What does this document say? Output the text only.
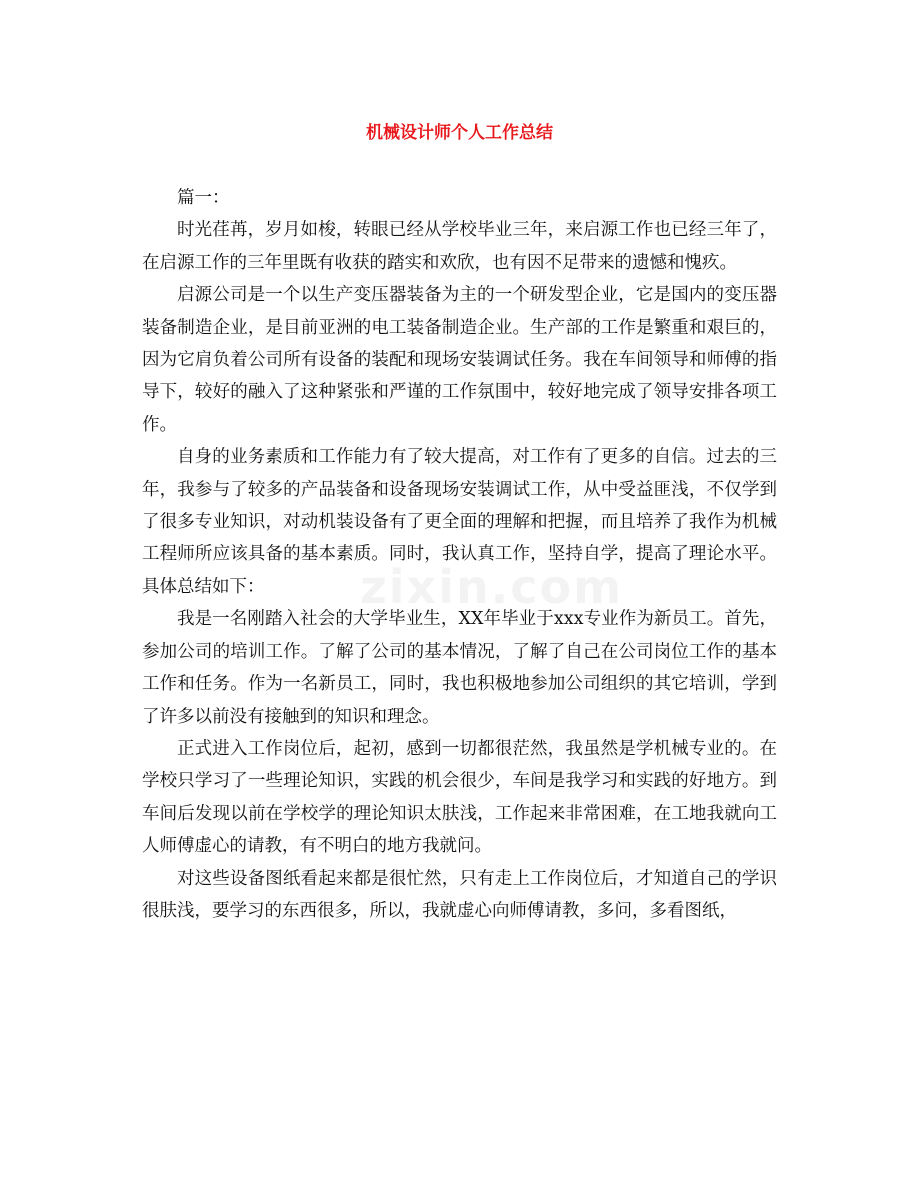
机械设计师个人工作总结

篇一：

时光荏苒，岁月如梭，转眼已经从学校毕业三年，来启源工作也已经三年了，在启源工作的三年里既有收获的踏实和欢欣，也有因不足带来的遗憾和愧疚。

启源公司是一个以生产变压器装备为主的一个研发型企业，它是国内的变压器装备制造企业，是目前亚洲的电工装备制造企业。生产部的工作是繁重和艰巨的，因为它肩负着公司所有设备的装配和现场安装调试任务。我在车间领导和师傅的指导下，较好的融入了这种紧张和严谨的工作氛围中，较好地完成了领导安排各项工作。

自身的业务素质和工作能力有了较大提高，对工作有了更多的自信。过去的三年，我参与了较多的产品装备和设备现场安装调试工作，从中受益匪浅，不仅学到了很多专业知识，对动机装设备有了更全面的理解和把握，而且培养了我作为机械工程师所应该具备的基本素质。同时，我认真工作，坚持自学，提高了理论水平。具体总结如下：

我是一名刚踏入社会的大学毕业生，XX年毕业于xxx专业作为新员工。首先，参加公司的培训工作。了解了公司的基本情况，了解了自己在公司岗位工作的基本工作和任务。作为一名新员工，同时，我也积极地参加公司组织的其它培训，学到了许多以前没有接触到的知识和理念。

正式进入工作岗位后，起初，感到一切都很茫然，我虽然是学机械专业的。在学校只学习了一些理论知识，实践的机会很少，车间是我学习和实践的好地方。到车间后发现以前在学校学的理论知识太肤浅，工作起来非常困难，在工地我就向工人师傅虚心的请教，有不明白的地方我就问。

对这些设备图纸看起来都是很忙然，只有走上工作岗位后，才知道自己的学识很肤浅，要学习的东西很多，所以，我就虚心向师傅请教，多问，多看图纸，
